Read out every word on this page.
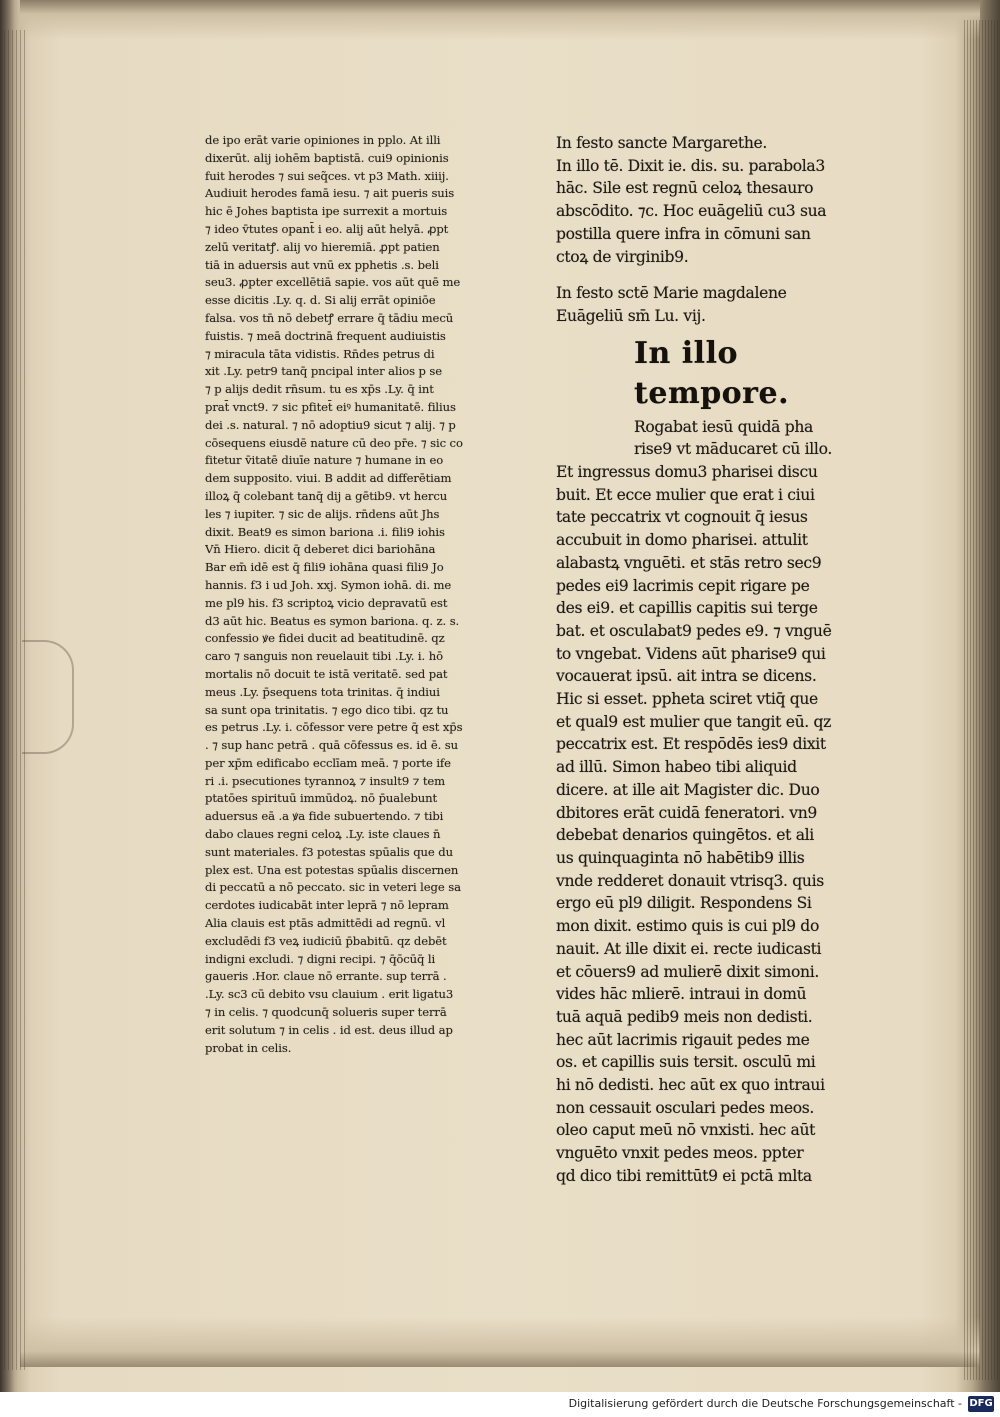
de ipo erāt varie opiniones in pplo. At illi
dixerūt. alij iohēm baptistā. cui9 opinionis
fuit herodes ⁊ sui seq̃ces. vt p3 Math. xiiij.
Audiuit herodes famā iesu. ⁊ ait pueris suis
hic ē Johes baptista ipe surrexit a mortuis
⁊ ideo v̄tutes opant̄ i eo. alij aūt helyā. ꝓpt
zelū veritatꝭ. alij vo hieremiā. ꝓpt patien
tiā in aduersis aut vnū ex pphetis .s. beli
seu3. ꝓpter excellētiā sapie. vos aūt quē me
esse dicitis .Ly. q. d. Si alij errāt opiniōe
falsa. vos tn̄ nō debetꝭ errare q̄ tādiu mecū
fuistis. ⁊ meā doctrinā frequent audiuistis
⁊ miracula tāta vidistis. Rn̄des petrus di
xit .Ly. petr9 tanq̄ pncipal inter alios p se
⁊ p alijs dedit rn̄sum. tu es xp̄s .Ly. q̄ int
prat̄ vnct9. ⁊ sic pfitet̄ eiꝰ humanitatē. filius
dei .s. natural. ⁊ nō adoptiu9 sicut ⁊ alij. ⁊ p
cōsequens eiusdē nature cū deo pr̄e. ⁊ sic co
fitetur v̄itatē diuīe nature ⁊ humane in eo
dem supposito. viui. B addit ad differētiam
illoꝝ q̄ colebant tanq̄ dij a gētib9. vt hercu
les ⁊ iupiter. ⁊ sic de alijs. rn̄dens aūt Jhs
dixit. Beat9 es simon bariona .i. fili9 iohis
Vn̄ Hiero. dicit q̄ deberet dici bariohāna
Bar em̄ idē est q̄ fili9 iohāna quasi fili9 Jo
hannis. f3 i ud Joh. xxj. Symon iohā. di. me
me pl9 his. f3 scriptoꝝ vicio depravatū est
d3 aūt hic. Beatus es symon bariona. q. z. s.
confessio ꝟe fidei ducit ad beatitudinē. qz
caro ⁊ sanguis non reuelauit tibi .Ly. i. hō
mortalis nō docuit te istā veritatē. sed pat
meus .Ly. p̄sequens tota trinitas. q̄ indiui
sa sunt opa trinitatis. ⁊ ego dico tibi. qz tu
es petrus .Ly. i. cōfessor vere petre q̄ est xp̄s
. ⁊ sup hanc petrā . quā cōfessus es. id ē. su
per xp̄m edificabo ecclīam meā. ⁊ porte ife
ri .i. psecutiones tyrannoꝝ ⁊ insult9 ⁊ tem
ptatōes spirituū immūdoꝝ. nō p̄ualebunt
aduersus eā .a ꝟa fide subuertendo. ⁊ tibi
dabo claues regni celoꝝ .Ly. iste claues n̄
sunt materiales. f3 potestas spūalis que du
plex est. Una est potestas spūalis discernen
di peccatū a nō peccato. sic in veteri lege sa
cerdotes iudicabāt inter leprā ⁊ nō lepram
Alia clauis est ptās admittēdi ad regnū. vl
excludēdi f3 veꝝ iudiciū p̄babitū. qz debēt
indigni excludi. ⁊ digni recipi. ⁊ q̄ōcūq̄ li
gaueris .Hor. claue nō errante. sup terrā .
.Ly. sc3 cū debito vsu clauium . erit ligatu3
⁊ in celis. ⁊ quodcunq̄ solueris super terrā
erit solutum ⁊ in celis . id est. deus illud ap
probat in celis.
In festo sancte Margarethe.
In illo tē. Dixit ie. dis. su. parabola3
hāc. Sile est regnū celoꝝ thesauro
abscōdito. ⁊c. Hoc euāgeliū cu3 sua
postilla quere infra in cōmuni san
ctoꝝ de virginib9.
In festo sctē Marie magdalene
Euāgeliū sm̄ Lu. vij.
In illo tempore.
Rogabat iesū quidā pha
rise9 vt māducaret cū illo.
Et ingressus domu3 pharisei discu
buit. Et ecce mulier que erat i ciui
tate peccatrix vt cognouit q̄ iesus
accubuit in domo pharisei. attulit
alabastꝝ vnguēti. et stās retro sec9
pedes ei9 lacrimis cepit rigare pe
des ei9. et capillis capitis sui terge
bat. et osculabat9 pedes e9. ⁊ vnguē
to vngebat. Videns aūt pharise9 qui
vocauerat ipsū. ait intra se dicens.
Hic si esset. ppheta sciret vtiq̄ que
et qual9 est mulier que tangit eū. qz
peccatrix est. Et respōdēs ies9 dixit
ad illū. Simon habeo tibi aliquid
dicere. at ille ait Magister dic. Duo
dbitores erāt cuidā feneratori. vn9
debebat denarios quingētos. et ali
us quinquaginta nō habētib9 illis
vnde redderet donauit vtrisq3. quis
ergo eū pl9 diligit. Respondens Si
mon dixit. estimo quis is cui pl9 do
nauit. At ille dixit ei. recte iudicasti
et cōuers9 ad mulierē dixit simoni.
vides hāc mlierē. intraui in domū
tuā aquā pedib9 meis non dedisti.
hec aūt lacrimis rigauit pedes me
os. et capillis suis tersit. osculū mi
hi nō dedisti. hec aūt ex quo intraui
non cessauit osculari pedes meos.
oleo caput meū nō vnxisti. hec aūt
vnguēto vnxit pedes meos. ppter
qd dico tibi remittūt9 ei pctā mlta
Digitalisierung gefördert durch die Deutsche Forschungsgemeinschaft - DFG
